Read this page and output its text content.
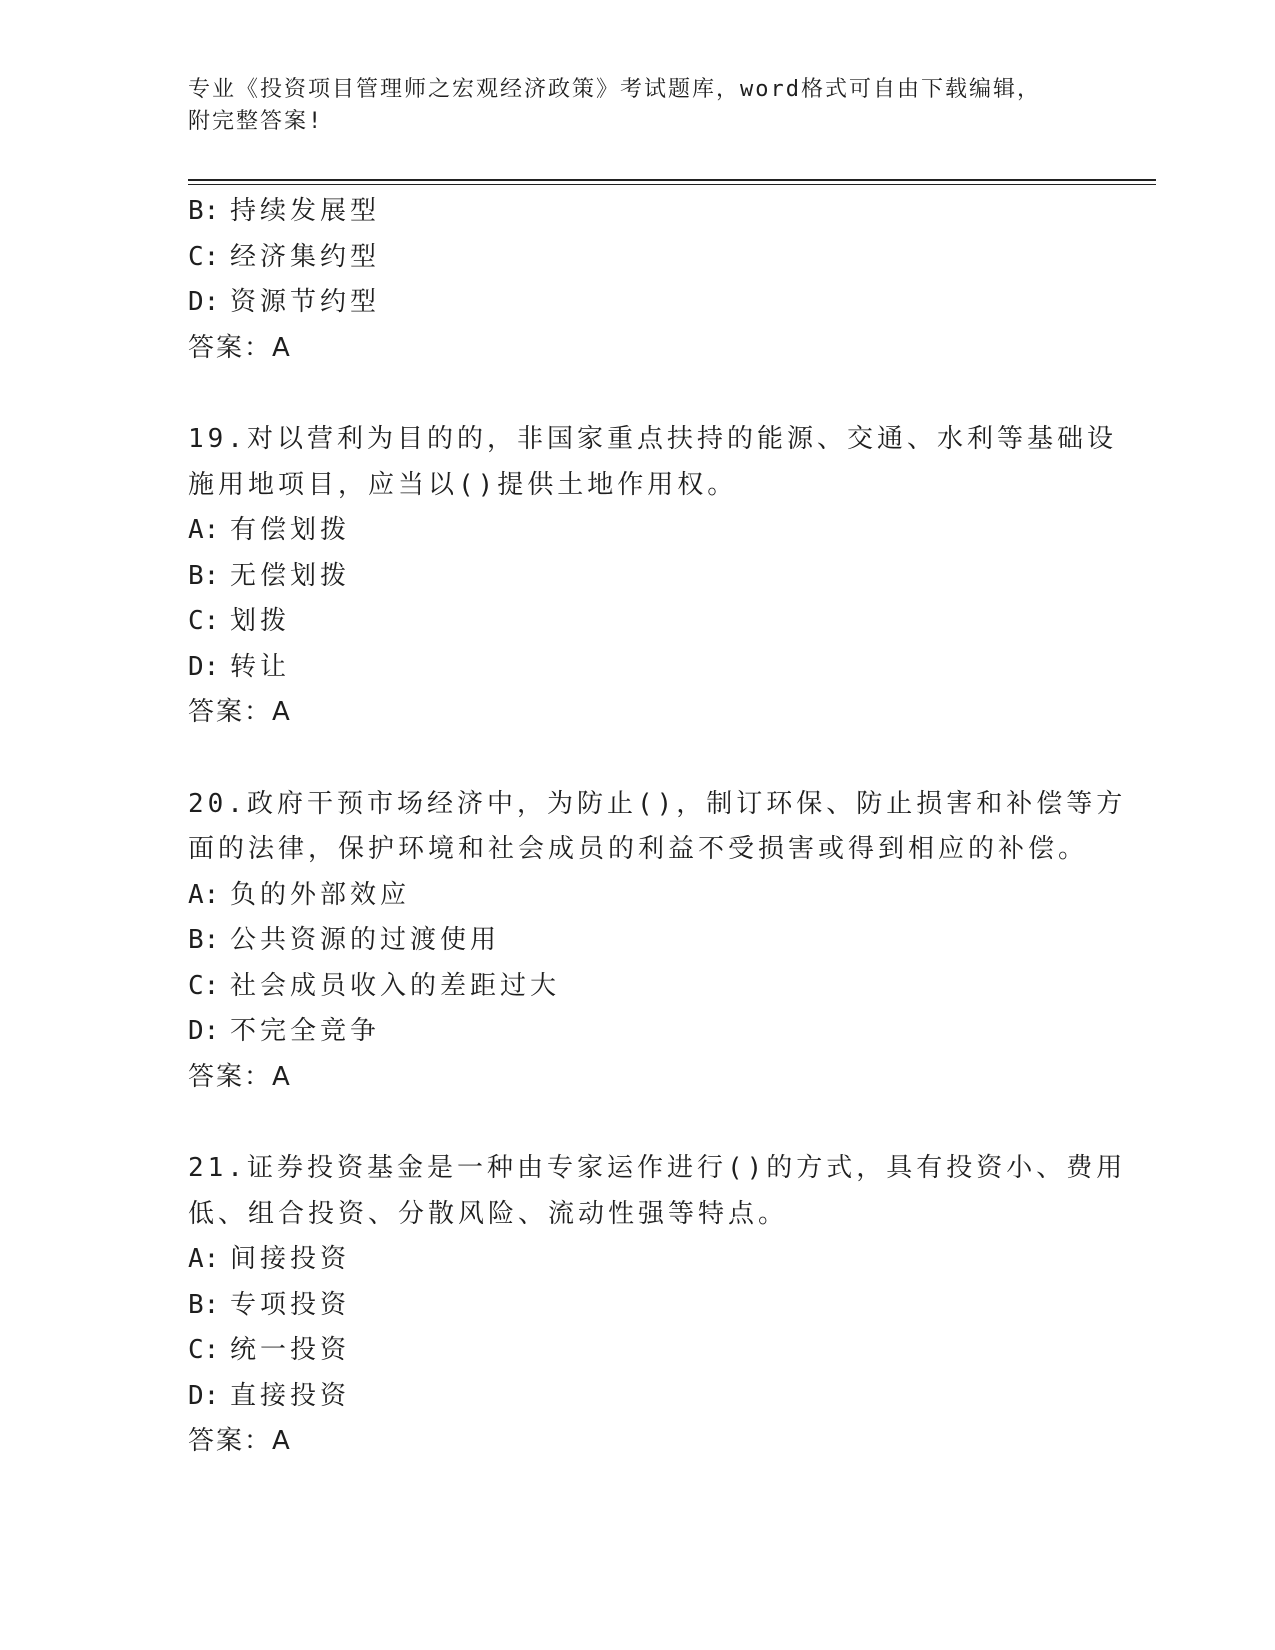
专业《投资项目管理师之宏观经济政策》考试题库，word格式可自由下载编辑，
附完整答案!
B: 持续发展型
C: 经济集约型
D: 资源节约型
答案：A
19.对以营利为目的的，非国家重点扶持的能源、交通、水利等基础设
施用地项目，应当以()提供土地作用权。
A: 有偿划拨
B: 无偿划拨
C: 划拨
D: 转让
答案：A
20.政府干预市场经济中，为防止()，制订环保、防止损害和补偿等方
面的法律，保护环境和社会成员的利益不受损害或得到相应的补偿。
A: 负的外部效应
B: 公共资源的过渡使用
C: 社会成员收入的差距过大
D: 不完全竞争
答案：A
21.证券投资基金是一种由专家运作进行()的方式，具有投资小、费用
低、组合投资、分散风险、流动性强等特点。
A: 间接投资
B: 专项投资
C: 统一投资
D: 直接投资
答案：A
